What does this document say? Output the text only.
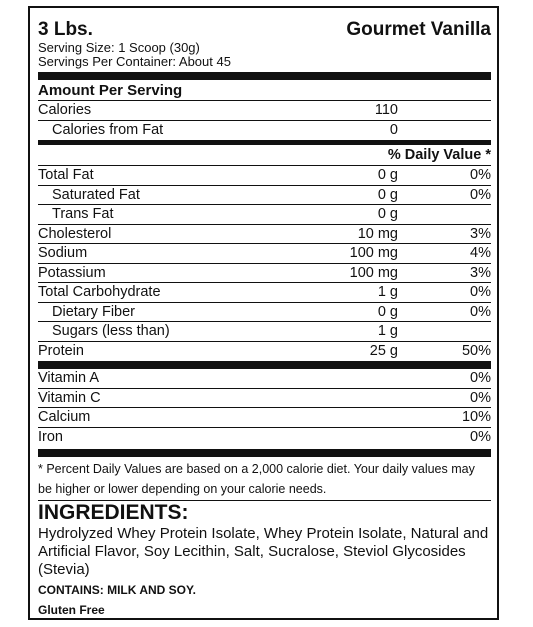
3 Lbs.	Gourmet Vanilla
Serving Size: 1 Scoop (30g)
Servings Per Container: About 45
Amount Per Serving
Calories	110
Calories from Fat	0
% Daily Value *
Total Fat	0 g	0%
Saturated Fat	0 g	0%
Trans Fat	0 g
Cholesterol	10 mg	3%
Sodium	100 mg	4%
Potassium	100 mg	3%
Total Carbohydrate	1 g	0%
Dietary Fiber	0 g	0%
Sugars (less than)	1 g
Protein	25 g	50%
Vitamin A	0%
Vitamin C	0%
Calcium	10%
Iron	0%
* Percent Daily Values are based on a 2,000 calorie diet. Your daily values may be higher or lower depending on your calorie needs.
INGREDIENTS:
Hydrolyzed Whey Protein Isolate, Whey Protein Isolate, Natural and Artificial Flavor, Soy Lecithin, Salt, Sucralose, Steviol Glycosides (Stevia)
CONTAINS: MILK AND SOY.
Gluten Free
